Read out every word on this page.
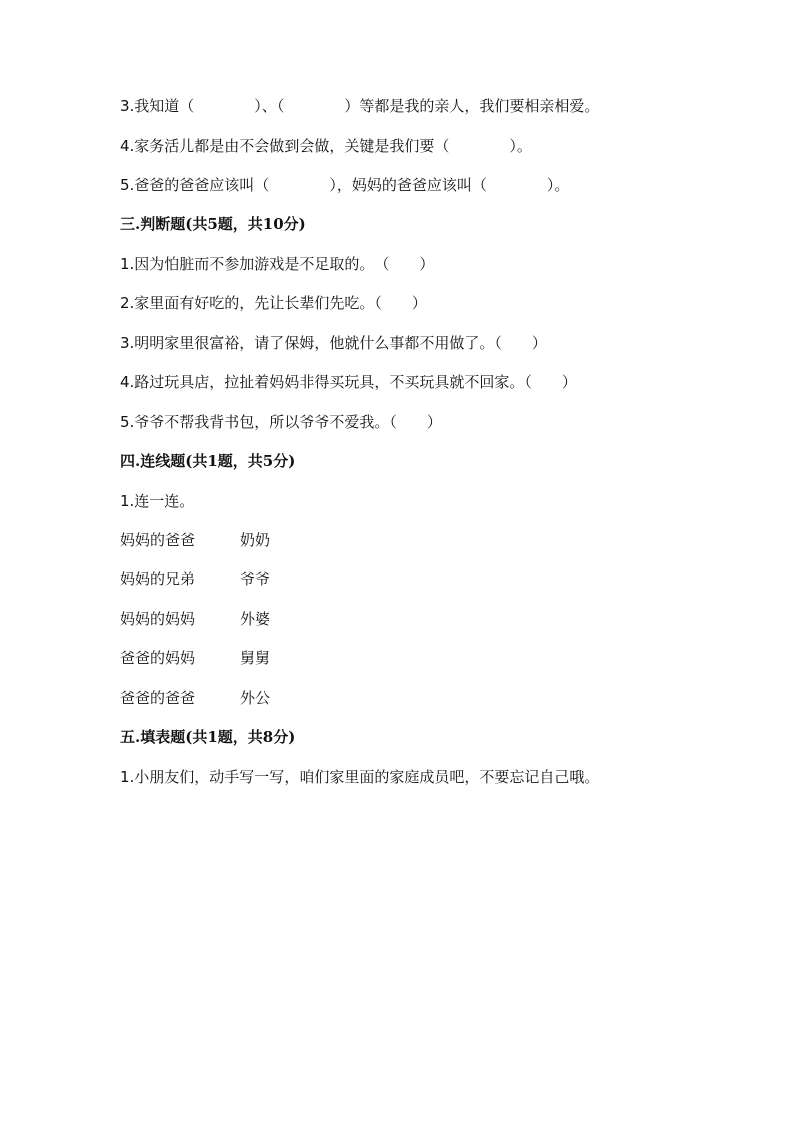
3.我知道（　　　　）、（　　　　）等都是我的亲人，我们要相亲相爱。
4.家务活儿都是由不会做到会做，关键是我们要（　　　　）。
5.爸爸的爸爸应该叫（　　　　），妈妈的爸爸应该叫（　　　　）。
三.判断题(共5题，共10分)
1.因为怕脏而不参加游戏是不足取的。　（　　）
2.家里面有好吃的，先让长辈们先吃。（　　）
3.明明家里很富裕，请了保姆，他就什么事都不用做了。（　　）
4.路过玩具店，拉扯着妈妈非得买玩具，不买玩具就不回家。（　　）
5.爷爷不帮我背书包，所以爷爷不爱我。（　　）
四.连线题(共1题，共5分)
1.连一连。
妈妈的爸爸	奶奶
妈妈的兄弟	爷爷
妈妈的妈妈	外婆
爸爸的妈妈	舅舅
爸爸的爸爸	外公
五.填表题(共1题，共8分)
1.小朋友们，动手写一写，咱们家里面的家庭成员吧，不要忘记自己哦。
